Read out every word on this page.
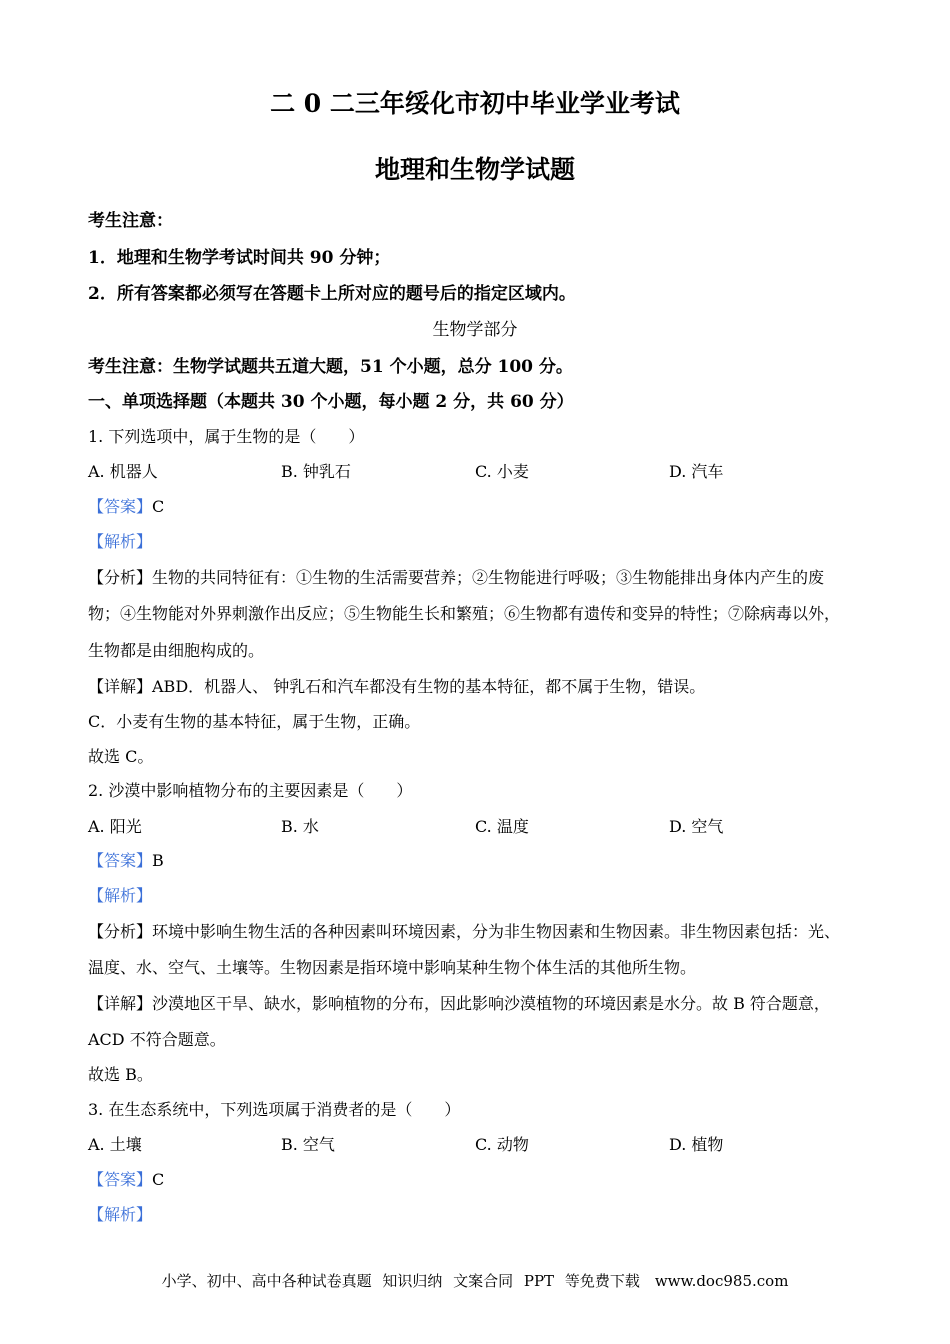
二 0 二三年绥化市初中毕业学业考试
地理和生物学试题
考生注意：
1．地理和生物学考试时间共 90 分钟；
2．所有答案都必须写在答题卡上所对应的题号后的指定区域内。
生物学部分
考生注意：生物学试题共五道大题，51 个小题，总分 100 分。
一、单项选择题（本题共 30 个小题，每小题 2 分，共 60 分）
1. 下列选项中，属于生物的是（　　）
A. 机器人	B. 钟乳石	C. 小麦	D. 汽车
【答案】C
【解析】
【分析】生物的共同特征有：①生物的生活需要营养；②生物能进行呼吸；③生物能排出身体内产生的废
物；④生物能对外界刺激作出反应；⑤生物能生长和繁殖；⑥生物都有遗传和变异的特性；⑦除病毒以外，
生物都是由细胞构成的。
【详解】ABD．机器人、 钟乳石和汽车都没有生物的基本特征，都不属于生物，错误。
C．小麦有生物的基本特征，属于生物，正确。
故选 C。
2. 沙漠中影响植物分布的主要因素是（　　）
A. 阳光	B. 水	C. 温度	D. 空气
【答案】B
【解析】
【分析】环境中影响生物生活的各种因素叫环境因素，分为非生物因素和生物因素。非生物因素包括：光、
温度、水、空气、土壤等。生物因素是指环境中影响某种生物个体生活的其他所生物。
【详解】沙漠地区干旱、缺水，影响植物的分布，因此影响沙漠植物的环境因素是水分。故 B 符合题意，
ACD 不符合题意。
故选 B。
3. 在生态系统中，下列选项属于消费者的是（　　）
A. 土壤	B. 空气	C. 动物	D. 植物
【答案】C
【解析】
小学、初中、高中各种试卷真题 知识归纳 文案合同 PPT 等免费下载　www.doc985.com
